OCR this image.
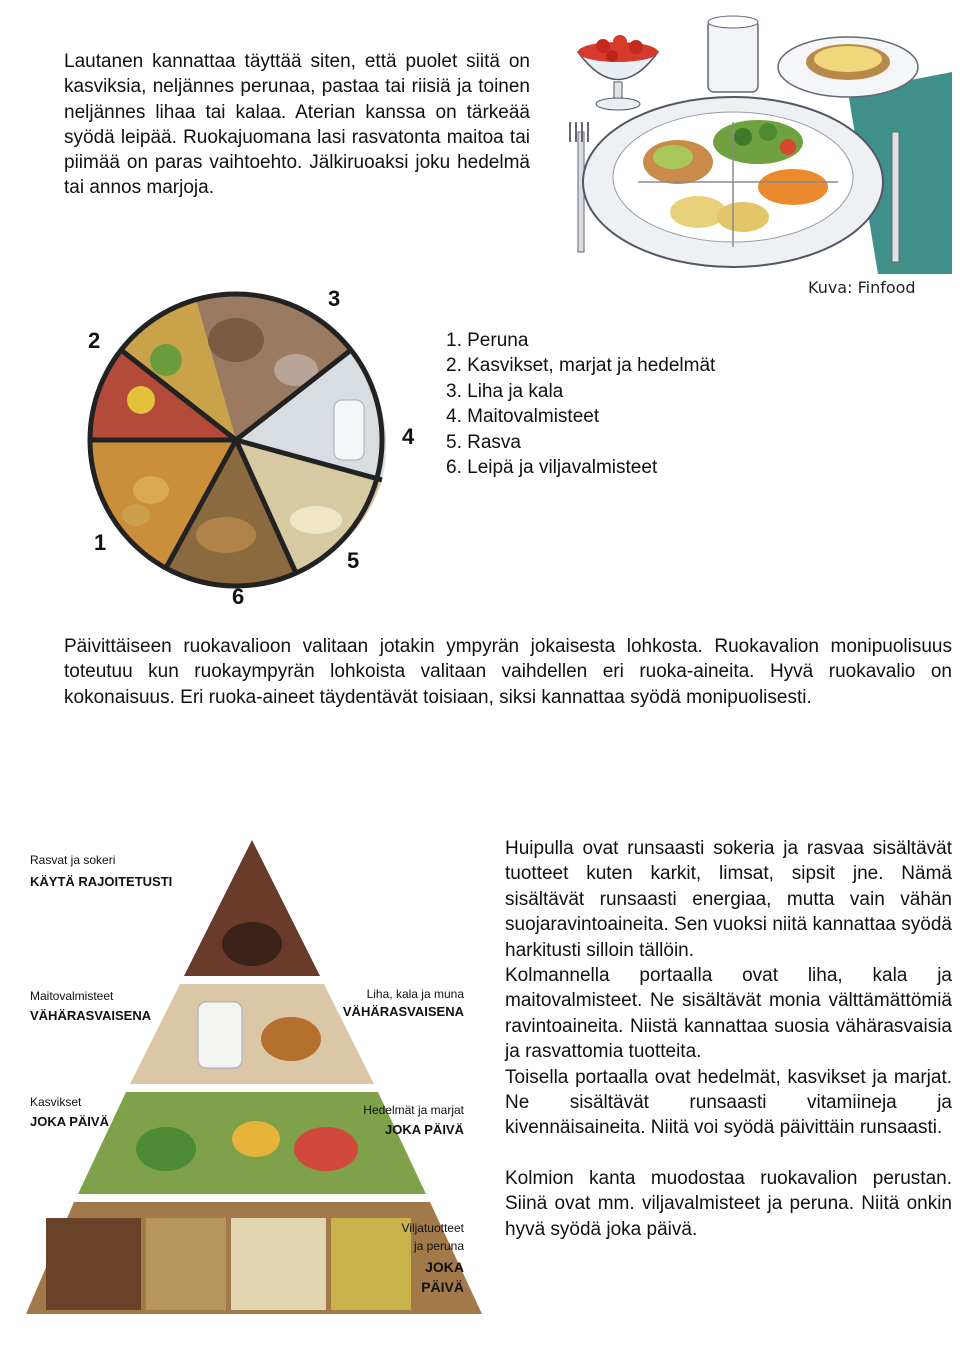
Lautanen kannattaa täyttää siten, että puolet siitä on kasviksia, neljännes perunaa, pastaa tai riisiä ja toinen neljännes lihaa tai kalaa. Aterian kanssa on tärkeää syödä leipää. Ruokajuomana lasi rasvatonta maitoa tai piimää on paras vaihtoehto. Jälkiruoaksi joku hedelmä tai annos marjoja.

Kuva: Finfood
1
2
3
4
5
6
1. Peruna
2. Kasvikset, marjat ja hedelmät
3. Liha ja kala
4. Maitovalmisteet
5. Rasva
6. Leipä ja viljavalmisteet

Päivittäiseen ruokavalioon valitaan jotakin ympyrän jokaisesta lohkosta. Ruokavalion monipuolisuus toteutuu kun ruokaympyrän lohkoista valitaan vaihdellen eri ruoka-aineita. Hyvä ruokavalio on kokonaisuus. Eri ruoka-aineet täydentävät toisiaan, siksi kannattaa syödä monipuolisesti.

Rasvat ja sokeri
KÄYTÄ RAJOITETUSTI
Maitovalmisteet
VÄHÄRASVAISENA
Liha, kala ja muna
VÄHÄRASVAISENA
Kasvikset
JOKA PÄIVÄ
Hedelmät ja marjat
JOKA PÄIVÄ
Viljatuotteet
ja peruna
JOKA
PÄIVÄ

Huipulla ovat runsaasti sokeria ja rasvaa sisältävät tuotteet kuten karkit, limsat, sipsit jne. Nämä sisältävät runsaasti energiaa, mutta vain vähän suojaravintoaineita. Sen vuoksi niitä kannattaa syödä harkitusti silloin tällöin.

Kolmannella portaalla ovat liha, kala ja maitovalmisteet. Ne sisältävät monia välttämättömiä ravintoaineita. Niistä kannattaa suosia vähärasvaisia ja rasvattomia tuotteita.

Toisella portaalla ovat hedelmät, kasvikset ja marjat. Ne sisältävät runsaasti vitamiineja ja kivennäisaineita. Niitä voi syödä päivittäin runsaasti.

Kolmion kanta muodostaa ruokavalion perustan. Siinä ovat mm. viljavalmisteet ja peruna. Niitä onkin hyvä syödä joka päivä.
